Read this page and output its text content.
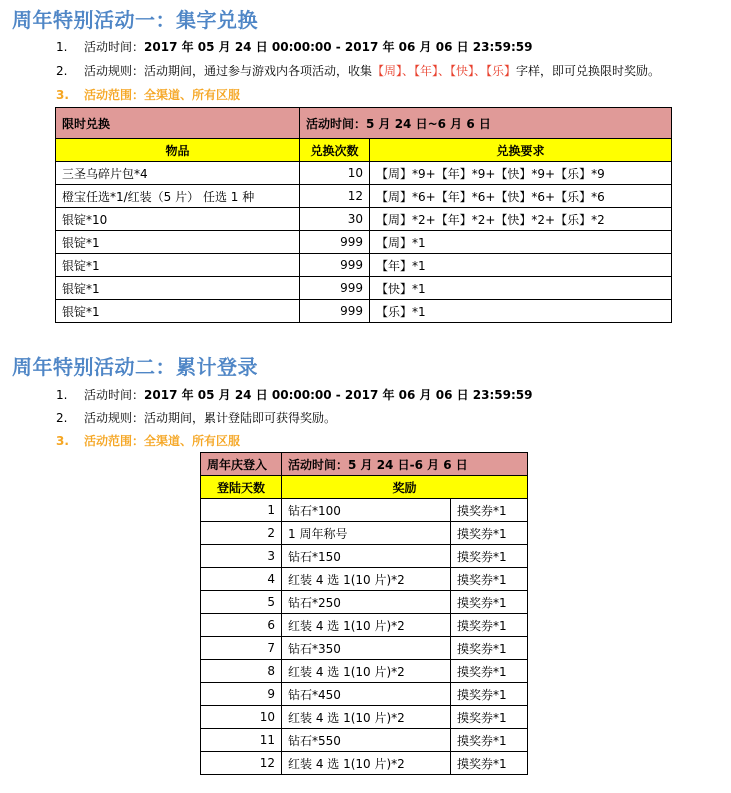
周年特别活动一：集字兑换
1. 活动时间：2017 年 05 月 24 日 00:00:00 - 2017 年 06 月 06 日 23:59:59
2. 活动规则：活动期间，通过参与游戏内各项活动，收集【周】、【年】、【快】、【乐】字样，即可兑换限时奖励。
3. 活动范围：全渠道、所有区服
限时兑换	活动时间：5 月 24 日~6 月 6 日	
物品	兑换次数	兑换要求
三圣乌碎片包*4	10	【周】*9+【年】*9+【快】*9+【乐】*9
橙宝任选*1/红装（5 片） 任选 1 种	12	【周】*6+【年】*6+【快】*6+【乐】*6
银锭*10	30	【周】*2+【年】*2+【快】*2+【乐】*2
银锭*1	999	【周】*1
银锭*1	999	【年】*1
银锭*1	999	【快】*1
银锭*1	999	【乐】*1
周年特别活动二：累计登录
1. 活动时间：2017 年 05 月 24 日 00:00:00 - 2017 年 06 月 06 日 23:59:59
2. 活动规则：活动期间，累计登陆即可获得奖励。
3. 活动范围：全渠道、所有区服
周年庆登入	活动时间：5 月 24 日-6 月 6 日	
登陆天数	奖励	
1	钻石*100	摸奖券*1
2	1 周年称号	摸奖券*1
3	钻石*150	摸奖券*1
4	红装 4 选 1(10 片)*2	摸奖券*1
5	钻石*250	摸奖券*1
6	红装 4 选 1(10 片)*2	摸奖券*1
7	钻石*350	摸奖券*1
8	红装 4 选 1(10 片)*2	摸奖券*1
9	钻石*450	摸奖券*1
10	红装 4 选 1(10 片)*2	摸奖券*1
11	钻石*550	摸奖券*1
12	红装 4 选 1(10 片)*2	摸奖券*1
